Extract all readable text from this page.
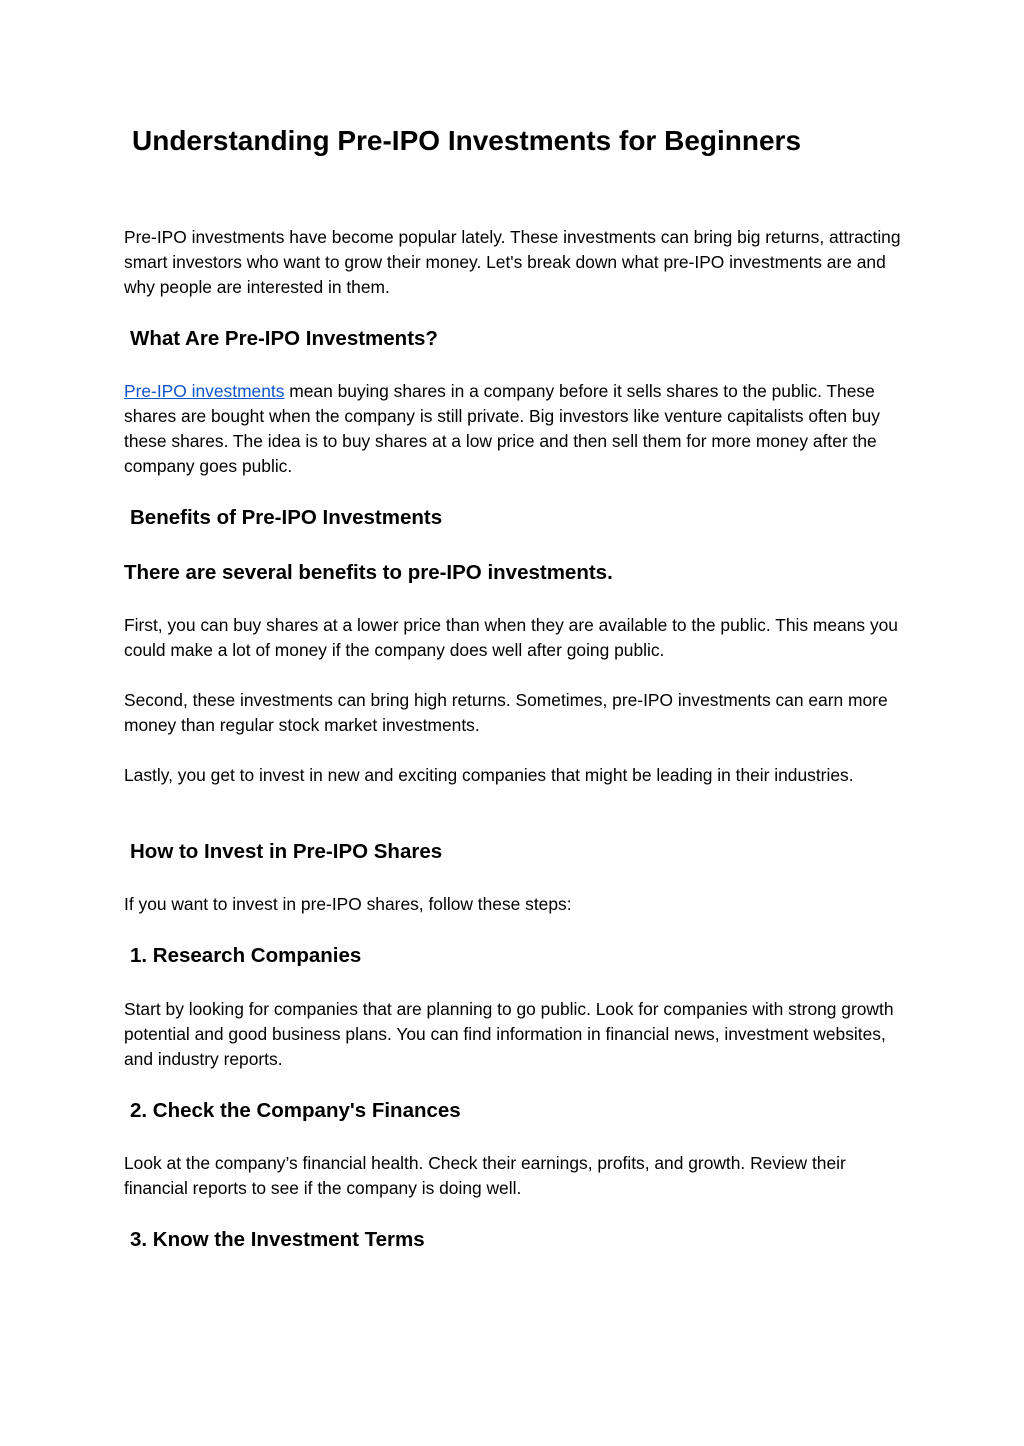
Understanding Pre-IPO Investments for Beginners

Pre-IPO investments have become popular lately. These investments can bring big returns, attracting smart investors who want to grow their money. Let's break down what pre-IPO investments are and why people are interested in them.

What Are Pre-IPO Investments?

Pre-IPO investments mean buying shares in a company before it sells shares to the public. These shares are bought when the company is still private. Big investors like venture capitalists often buy these shares. The idea is to buy shares at a low price and then sell them for more money after the company goes public.

Benefits of Pre-IPO Investments
There are several benefits to pre-IPO investments.

First, you can buy shares at a lower price than when they are available to the public. This means you could make a lot of money if the company does well after going public.

Second, these investments can bring high returns. Sometimes, pre-IPO investments can earn more money than regular stock market investments.

Lastly, you get to invest in new and exciting companies that might be leading in their industries.

How to Invest in Pre-IPO Shares

If you want to invest in pre-IPO shares, follow these steps:

1. Research Companies

Start by looking for companies that are planning to go public. Look for companies with strong growth potential and good business plans. You can find information in financial news, investment websites, and industry reports.

2. Check the Company's Finances

Look at the company’s financial health. Check their earnings, profits, and growth. Review their financial reports to see if the company is doing well.

3. Know the Investment Terms
